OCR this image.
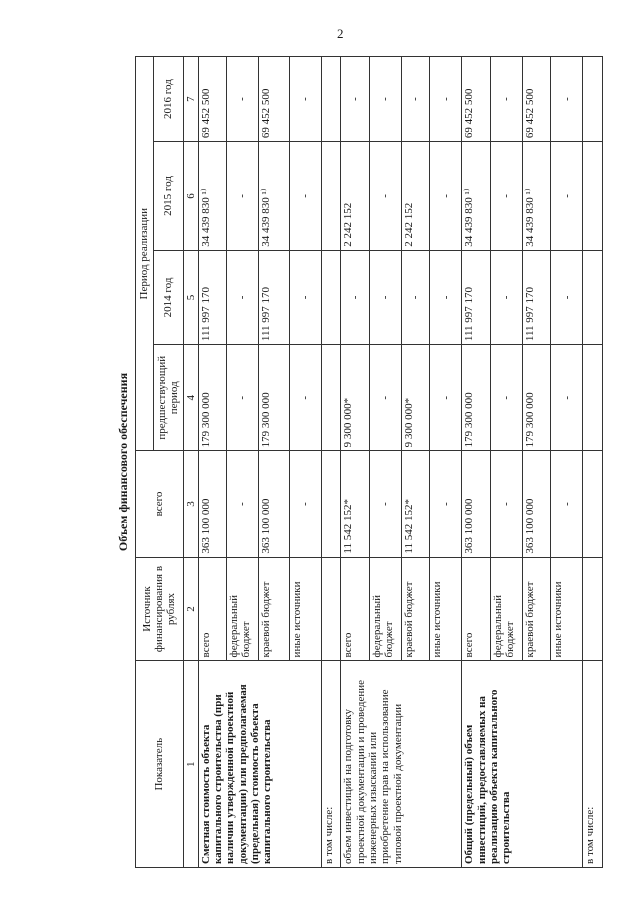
2
Объем финансового обеспечения						
Показатель	Источник финансирования в рублях	всего	Период реализации			
			предшествующий период	2014 год	2015 год	2016 год
1	2	3	4	5	6	7
Сметная стоимость объекта капитального строительства (при наличии утвержденной проектной документации) или предполагаемая (предельная) стоимость объекта капитального строительства	всего	363 100 000	179 300 000	111 997 170	34 439 830 ¹⁾	69 452 500
	федеральный бюджет	-	-	-	-	-
	краевой бюджет	363 100 000	179 300 000	111 997 170	34 439 830 ¹⁾	69 452 500
	иные источники	-	-	-	-	-
в том числе:						
объем инвестиций на подготовку проектной документации и проведение инженерных изысканий или приобретение прав на использование типовой проектной документации	всего	11 542 152*	9 300 000*	-	2 242 152	-
	федеральный бюджет	-	-	-	-	-
	краевой бюджет	11 542 152*	9 300 000*	-	2 242 152	-
	иные источники	-	-	-	-	-
Общий (предельный) объем инвестиций, предоставляемых на реализацию объекта капитального строительства	всего	363 100 000	179 300 000	111 997 170	34 439 830 ¹⁾	69 452 500
	федеральный бюджет	-	-	-	-	-
	краевой бюджет	363 100 000	179 300 000	111 997 170	34 439 830 ¹⁾	69 452 500
	иные источники	-	-	-	-	-
в том числе:						
